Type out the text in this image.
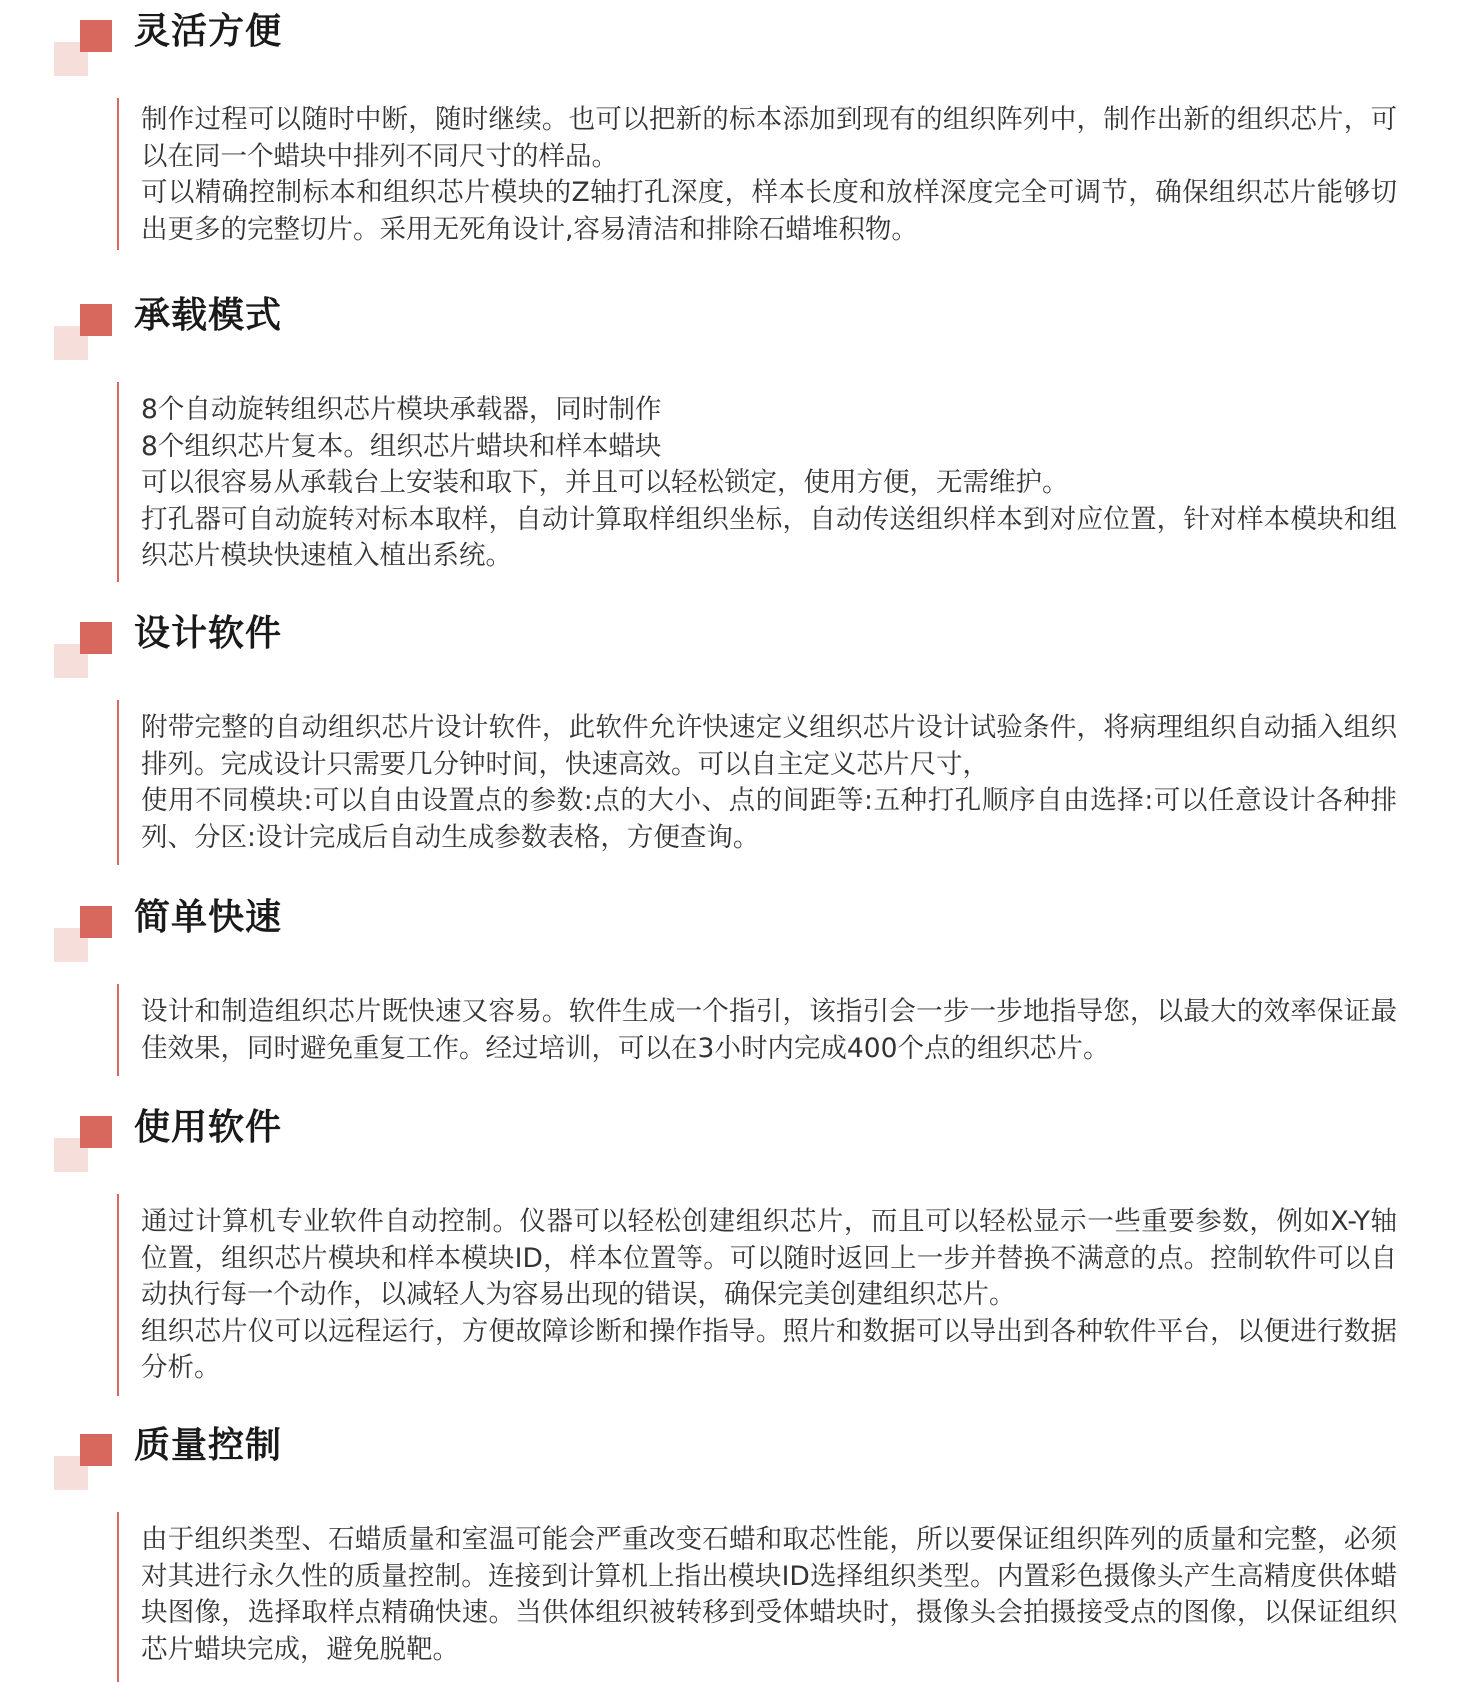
灵活方便

制作过程可以随时中断，随时继续。也可以把新的标本添加到现有的组织阵列中，制作出新的组织芯片，可以在同一个蜡块中排列不同尺寸的样品。

可以精确控制标本和组织芯片模块的Z轴打孔深度，样本长度和放样深度完全可调节，确保组织芯片能够切出更多的完整切片。采用无死角设计,容易清洁和排除石蜡堆积物。

承载模式

8个自动旋转组织芯片模块承载器，同时制作

8个组织芯片复本。组织芯片蜡块和样本蜡块

可以很容易从承载台上安装和取下，并且可以轻松锁定，使用方便，无需维护。

打孔器可自动旋转对标本取样，自动计算取样组织坐标，自动传送组织样本到对应位置，针对样本模块和组织芯片模块快速植入植出系统。

设计软件

附带完整的自动组织芯片设计软件，此软件允许快速定义组织芯片设计试验条件，将病理组织自动插入组织排列。完成设计只需要几分钟时间，快速高效。可以自主定义芯片尺寸，

使用不同模块:可以自由设置点的参数:点的大小、点的间距等:五种打孔顺序自由选择:可以任意设计各种排列、分区:设计完成后自动生成参数表格，方便查询。

简单快速

设计和制造组织芯片既快速又容易。软件生成一个指引，该指引会一步一步地指导您，以最大的效率保证最佳效果，同时避免重复工作。经过培训，可以在3小时内完成400个点的组织芯片。

使用软件

通过计算机专业软件自动控制。仪器可以轻松创建组织芯片，而且可以轻松显示一些重要参数，例如X-Y轴位置，组织芯片模块和样本模块ID，样本位置等。可以随时返回上一步并替换不满意的点。控制软件可以自动执行每一个动作，以减轻人为容易出现的错误，确保完美创建组织芯片。

组织芯片仪可以远程运行，方便故障诊断和操作指导。照片和数据可以导出到各种软件平台，以便进行数据分析。

质量控制

由于组织类型、石蜡质量和室温可能会严重改变石蜡和取芯性能，所以要保证组织阵列的质量和完整，必须对其进行永久性的质量控制。连接到计算机上指出模块ID选择组织类型。内置彩色摄像头产生高精度供体蜡块图像，选择取样点精确快速。当供体组织被转移到受体蜡块时，摄像头会拍摄接受点的图像，以保证组织芯片蜡块完成，避免脱靶。
